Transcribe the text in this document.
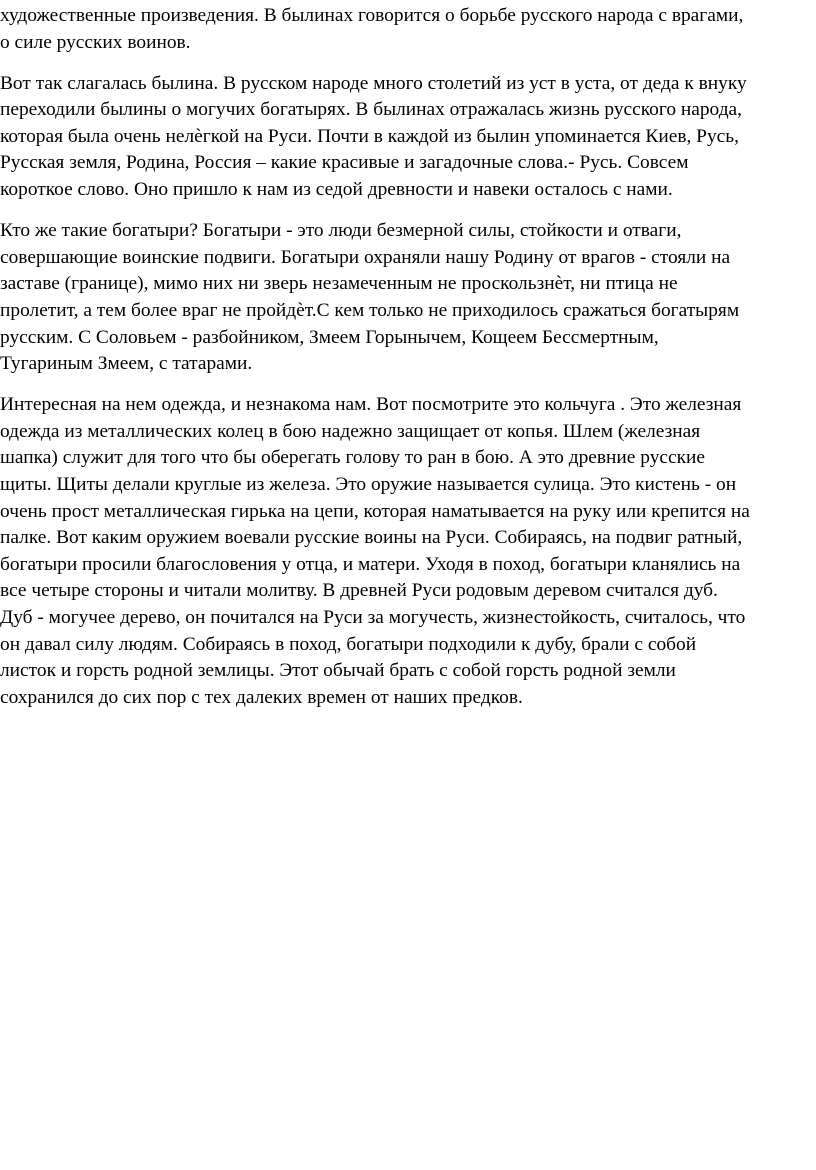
художественные произведения. В былинах говорится о борьбе русского народа с врагами,
о силе русских воинов.

Вот так слагалась былина. В русском народе много столетий из уст в уста, от деда к внуку
переходили былины о могучих богатырях. В былинах отражалась жизнь русского народа,
которая была очень нелѐгкой на Руси. Почти в каждой из былин упоминается Киев, Русь,
Русская земля, Родина, Россия – какие красивые и загадочные слова.- Русь. Совсем
короткое слово. Оно пришло к нам из седой древности и навеки осталось с нами.

Кто же такие богатыри? Богатыри - это люди безмерной силы, стойкости и отваги,
совершающие воинские подвиги. Богатыри охраняли нашу Родину от врагов - стояли на
заставе (границе), мимо них ни зверь незамеченным не проскользнѐт, ни птица не
пролетит, а тем более враг не пройдѐт.С кем только не приходилось сражаться богатырям
русским. С Соловьем - разбойником, Змеем Горынычем, Кощеем Бессмертным,
Тугариным Змеем, с татарами.

Интересная на нем одежда, и незнакома нам. Вот посмотрите это кольчуга . Это железная
одежда из металлических колец в бою надежно защищает от копья. Шлем (железная
шапка) служит для того что бы оберегать голову то ран в бою. А это древние русские
щиты. Щиты делали круглые из железа. Это оружие называется сулица. Это кистень - он
очень прост металлическая гирька на цепи, которая наматывается на руку или крепится на
палке. Вот каким оружием воевали русские воины на Руси. Собираясь, на подвиг ратный,
богатыри просили благословения у отца, и матери. Уходя в поход, богатыри кланялись на
все четыре стороны и читали молитву. В древней Руси родовым деревом считался дуб.
Дуб - могучее дерево, он почитался на Руси за могучесть, жизнестойкость, считалось, что
он давал силу людям. Собираясь в поход, богатыри подходили к дубу, брали с собой
листок и горсть родной землицы. Этот обычай брать с собой горсть родной земли
сохранился до сих пор с тех далеких времен от наших предков.
